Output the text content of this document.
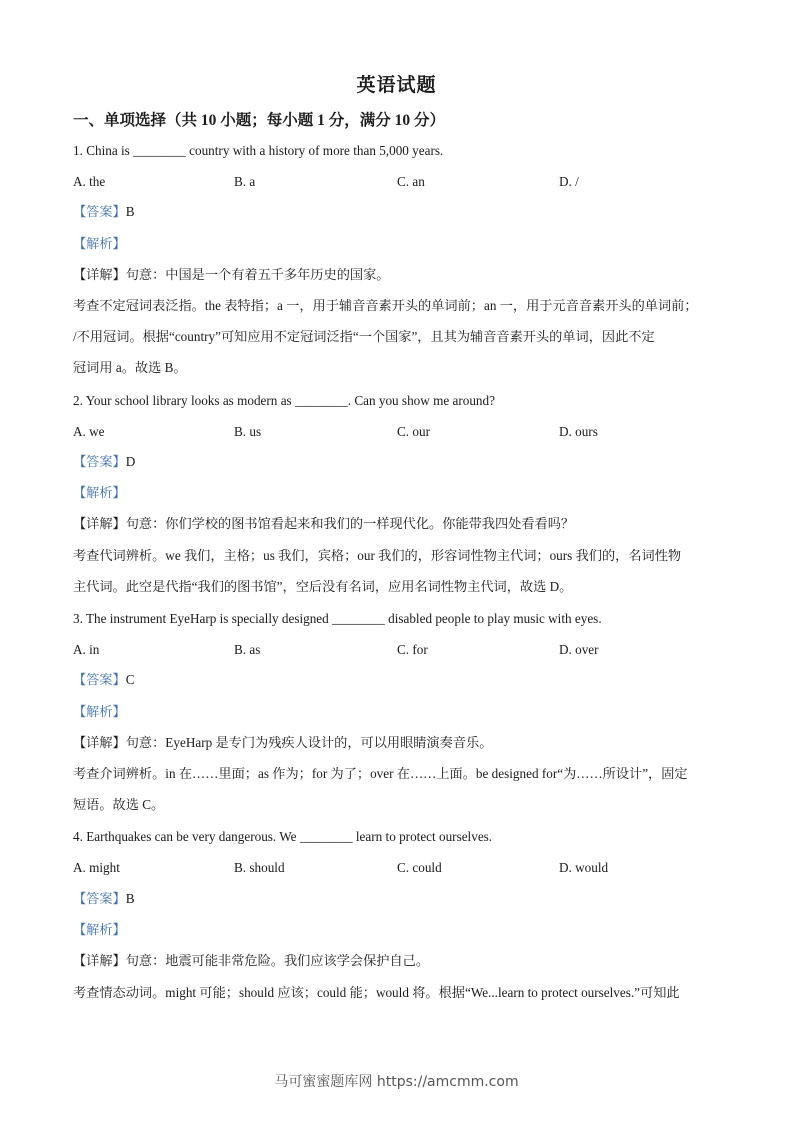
英语试题
一、单项选择（共 10 小题；每小题 1 分，满分 10 分）
1. China is ________ country with a history of more than 5,000 years.
A. the	B. a	C. an	D. /
【答案】B
【解析】
【详解】句意：中国是一个有着五千多年历史的国家。
考查不定冠词表泛指。the 表特指；a 一，用于辅音音素开头的单词前；an 一，用于元音音素开头的单词前；
/不用冠词。根据“country”可知应用不定冠词泛指“一个国家”，且其为辅音音素开头的单词，因此不定
冠词用 a。故选 B。
2. Your school library looks as modern as ________. Can you show me around?
A. we	B. us	C. our	D. ours
【答案】D
【解析】
【详解】句意：你们学校的图书馆看起来和我们的一样现代化。你能带我四处看看吗？
考查代词辨析。we 我们，主格；us 我们，宾格；our 我们的，形容词性物主代词；ours 我们的，名词性物
主代词。此空是代指“我们的图书馆”，空后没有名词，应用名词性物主代词，故选 D。
3. The instrument EyeHarp is specially designed ________ disabled people to play music with eyes.
A. in	B. as	C. for	D. over
【答案】C
【解析】
【详解】句意：EyeHarp 是专门为残疾人设计的，可以用眼睛演奏音乐。
考查介词辨析。in 在……里面；as 作为；for 为了；over 在……上面。be designed for“为……所设计”，固定
短语。故选 C。
4. Earthquakes can be very dangerous. We ________ learn to protect ourselves.
A. might	B. should	C. could	D. would
【答案】B
【解析】
【详解】句意：地震可能非常危险。我们应该学会保护自己。
考查情态动词。might 可能；should 应该；could 能；would 将。根据“We...learn to protect ourselves.”可知此
马可蜜蜜题库网 https://amcmm.com
